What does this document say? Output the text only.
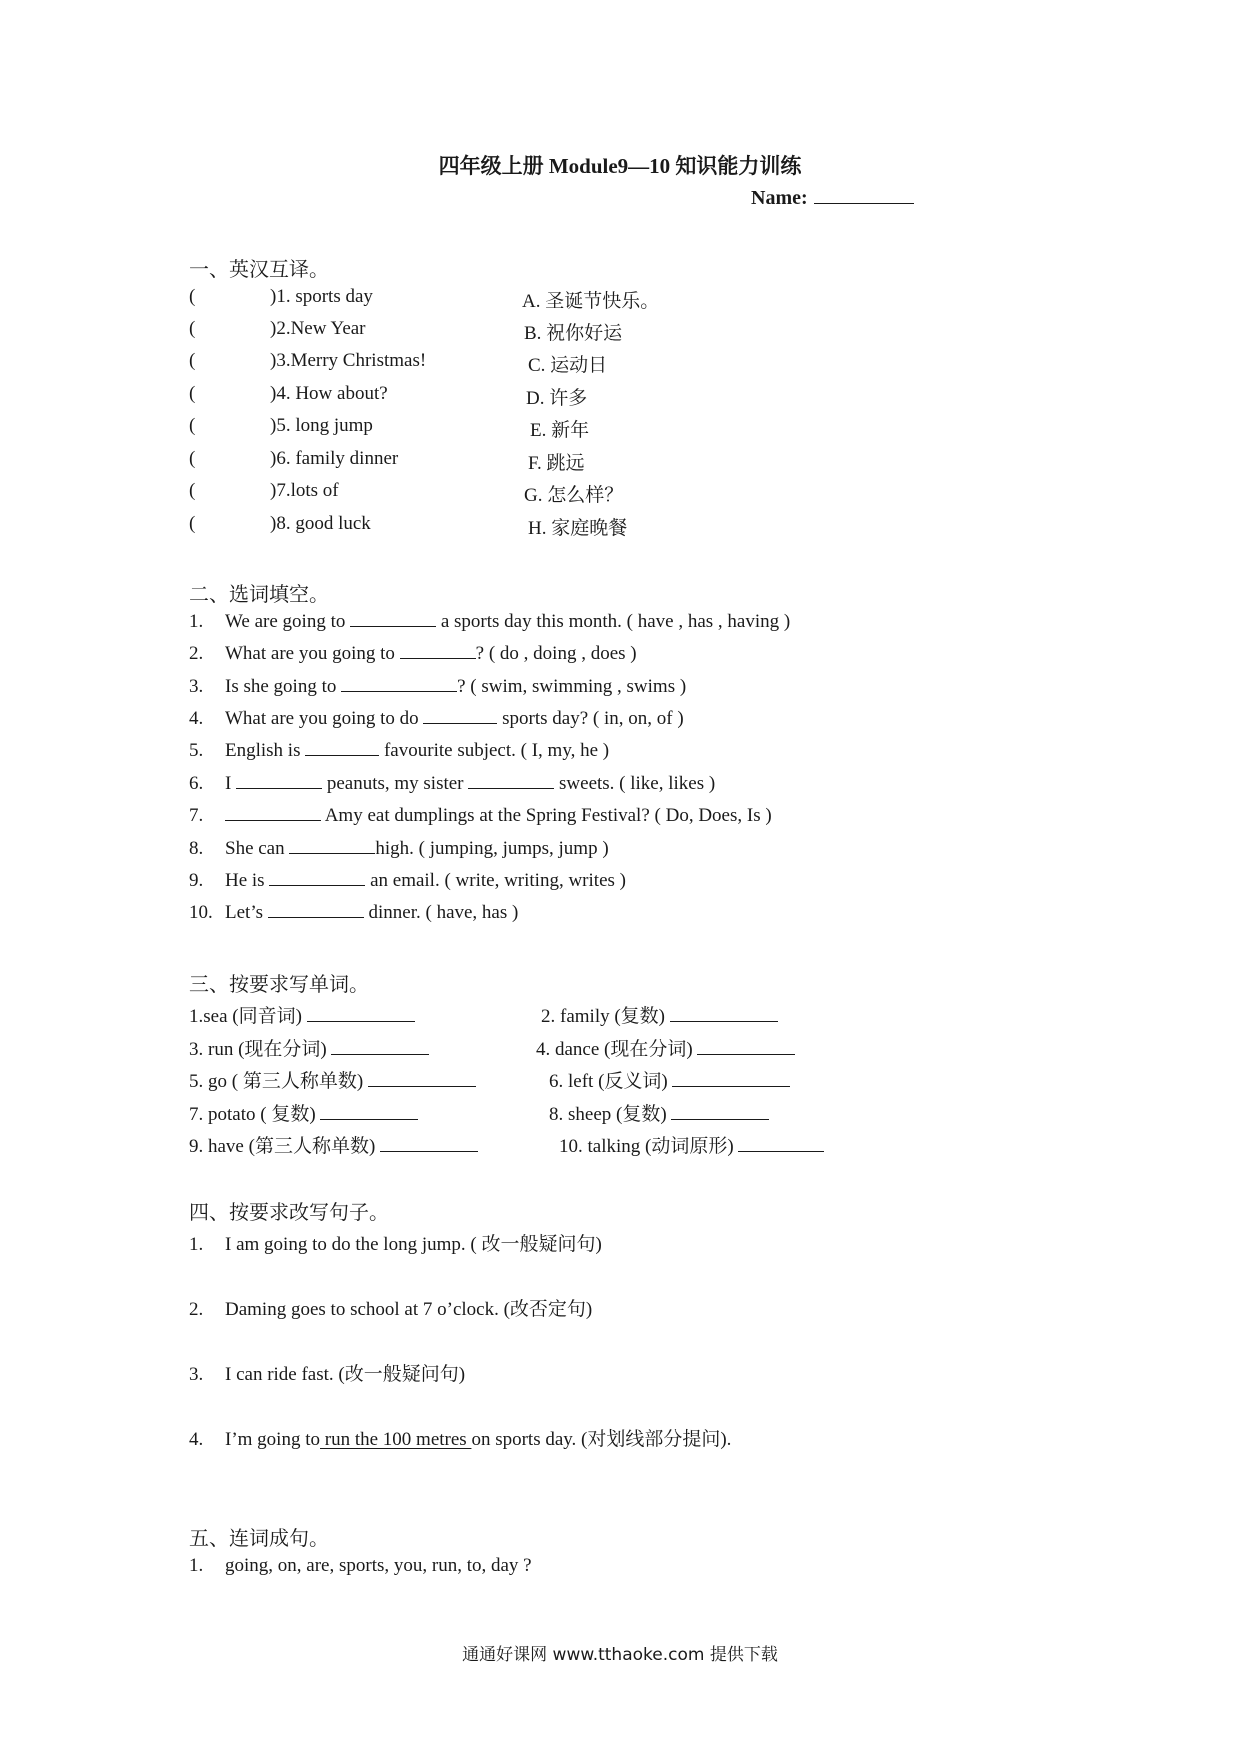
四年级上册 Module9—10 知识能力训练
Name:
一、英汉互译。
(	)1. sports day	A. 圣诞节快乐。
(	)2.New Year	B. 祝你好运
(	)3.Merry Christmas!	C. 运动日
(	)4. How about?	D. 许多
(	)5. long jump	E. 新年
(	)6. family dinner	F. 跳远
(	)7.lots of	G. 怎么样？
(	)8. good luck	H. 家庭晚餐
二、选词填空。
1. We are going to	a sports day this month. ( have , has , having )
2. What are you going to	? ( do , doing , does )
3. Is she going to	? ( swim, swimming , swims )
4. What are you going to do	sports day? ( in, on, of )
5. English is	favourite subject. ( I, my, he )
6. I	peanuts, my sister	sweets. ( like, likes )
7.	Amy eat dumplings at the Spring Festival? ( Do, Does, Is )
8. She can	high. ( jumping, jumps, jump )
9. He is	an email. ( write, writing, writes )
10. Let’s	dinner. ( have, has )
三、按要求写单词。
1.sea (同音词)	2. family (复数)
3. run (现在分词)	4. dance (现在分词)
5. go ( 第三人称单数)	6. left (反义词)
7. potato ( 复数)	8. sheep (复数)
9. have (第三人称单数)	10. talking (动词原形)
四、按要求改写句子。
1. I am going to do the long jump. ( 改一般疑问句)
2. Daming goes to school at 7 o’clock. (改否定句)
3. I can ride fast. (改一般疑问句)
4. I’m going to run the 100 metres on sports day. (对划线部分提问).
五、连词成句。
1. going, on, are, sports, you, run, to, day ?
通通好课网 www.tthaoke.com 提供下载
